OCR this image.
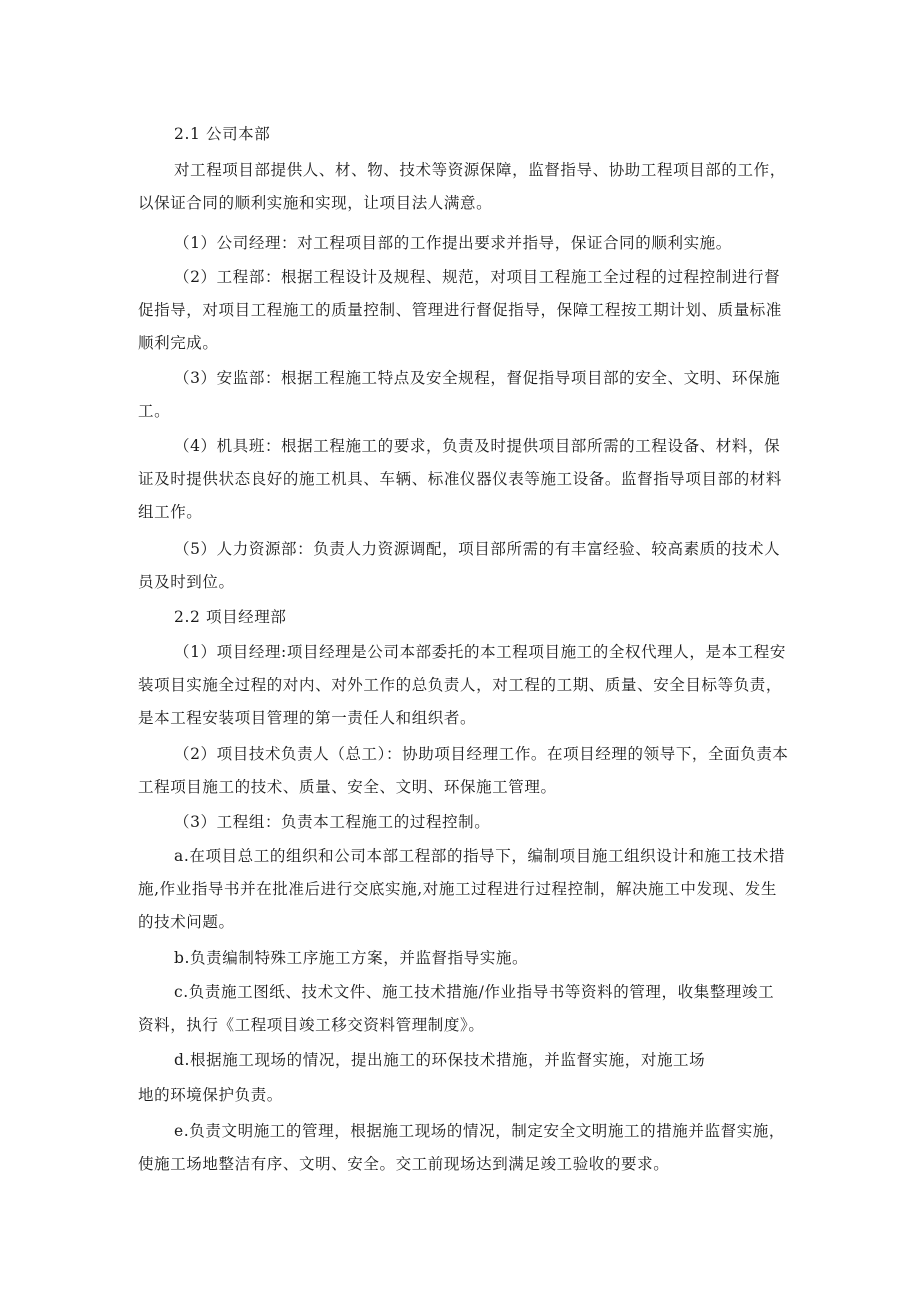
2.1 公司本部

对工程项目部提供人、材、物、技术等资源保障，监督指导、协助工程项目部的工作，以保证合同的顺利实施和实现，让项目法人满意。

（1）公司经理：对工程项目部的工作提出要求并指导，保证合同的顺利实施。

（2）工程部：根据工程设计及规程、规范，对项目工程施工全过程的过程控制进行督促指导，对项目工程施工的质量控制、管理进行督促指导，保障工程按工期计划、质量标准顺利完成。

（3）安监部：根据工程施工特点及安全规程，督促指导项目部的安全、文明、环保施工。

（4）机具班：根据工程施工的要求，负责及时提供项目部所需的工程设备、材料，保证及时提供状态良好的施工机具、车辆、标准仪器仪表等施工设备。监督指导项目部的材料组工作。

（5）人力资源部：负责人力资源调配，项目部所需的有丰富经验、较高素质的技术人员及时到位。

2.2 项目经理部

（1）项目经理:项目经理是公司本部委托的本工程项目施工的全权代理人，是本工程安装项目实施全过程的对内、对外工作的总负责人，对工程的工期、质量、安全目标等负责，是本工程安装项目管理的第一责任人和组织者。

（2）项目技术负责人（总工）：协助项目经理工作。在项目经理的领导下，全面负责本工程项目施工的技术、质量、安全、文明、环保施工管理。

（3）工程组：负责本工程施工的过程控制。

a.在项目总工的组织和公司本部工程部的指导下，编制项目施工组织设计和施工技术措施,作业指导书并在批准后进行交底实施,对施工过程进行过程控制，解决施工中发现、发生的技术问题。

b.负责编制特殊工序施工方案，并监督指导实施。

c.负责施工图纸、技术文件、施工技术措施/作业指导书等资料的管理，收集整理竣工资料，执行《工程项目竣工移交资料管理制度》。

d.根据施工现场的情况，提出施工的环保技术措施，并监督实施，对施工场

地的环境保护负责。

e.负责文明施工的管理，根据施工现场的情况，制定安全文明施工的措施并监督实施，使施工场地整洁有序、文明、安全。交工前现场达到满足竣工验收的要求。
